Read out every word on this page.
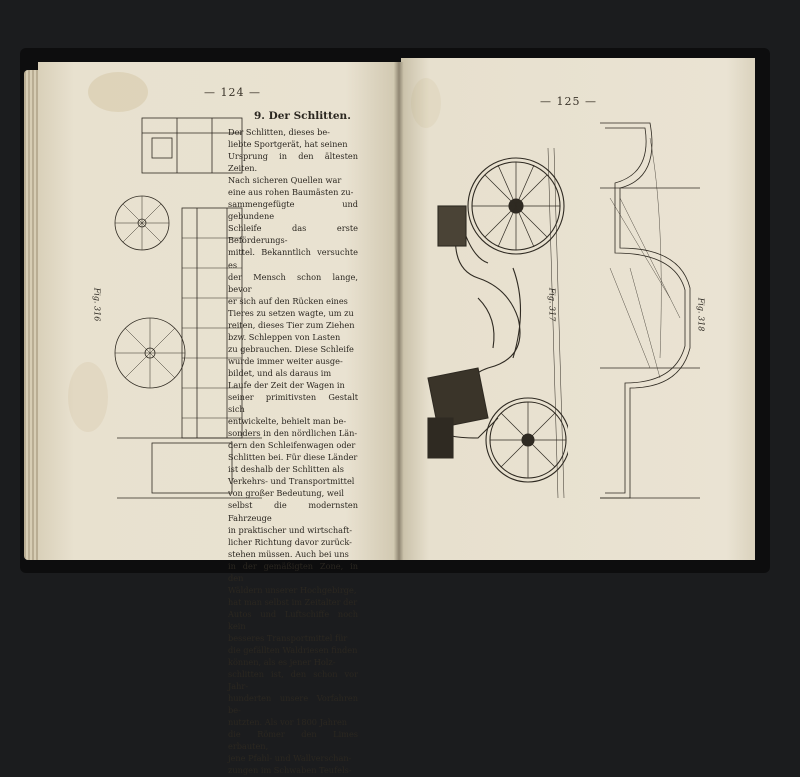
— 124 —
— 125 —
Fig. 316
9. Der Schlitten.
Der Schlitten, dieses be-
liebte Sportgerät, hat seinen
Ursprung in den ältesten Zeiten.
Nach sicheren Quellen war
eine aus rohen Baumästen zu-
sammengefügte und gebundene
Schleife das erste Beförderungs-
mittel. Bekanntlich versuchte es
der Mensch schon lange, bevor
er sich auf den Rücken eines
Tieres zu setzen wagte, um zu
reiten, dieses Tier zum Ziehen
bzw. Schleppen von Lasten
zu gebrauchen. Diese Schleife
wurde immer weiter ausge-
bildet, und als daraus im
Laufe der Zeit der Wagen in
seiner primitivsten Gestalt sich
entwickelte, behielt man be-
sonders in den nördlichen Län-
dern den Schleifenwagen oder
Schlitten bei. Für diese Länder
ist deshalb der Schlitten als
Verkehrs- und Transportmittel
von großer Bedeutung, weil
selbst die modernsten Fahrzeuge
in praktischer und wirtschaft-
licher Richtung davor zurück-
stehen müssen. Auch bei uns
in der gemäßigten Zone, in den
Wäldern unserer Hochgebirge,
hat man selbst im Zeitalter der
Autos und Luftschiffe noch kein
besseres Transportmittel für
die gefällten Waldriesen finden
können, als es jener Holz-
schlitten ist, den schon vor Jahr-
hunderten unsere Vorfahren be-
nutzten. Als vor 1800 Jahren
die Römer den Limes erbauten,
jene Pfahl- und Wallverschan-
zungen im Schwaben Teufels-
Fig. 317	Fig. 318
